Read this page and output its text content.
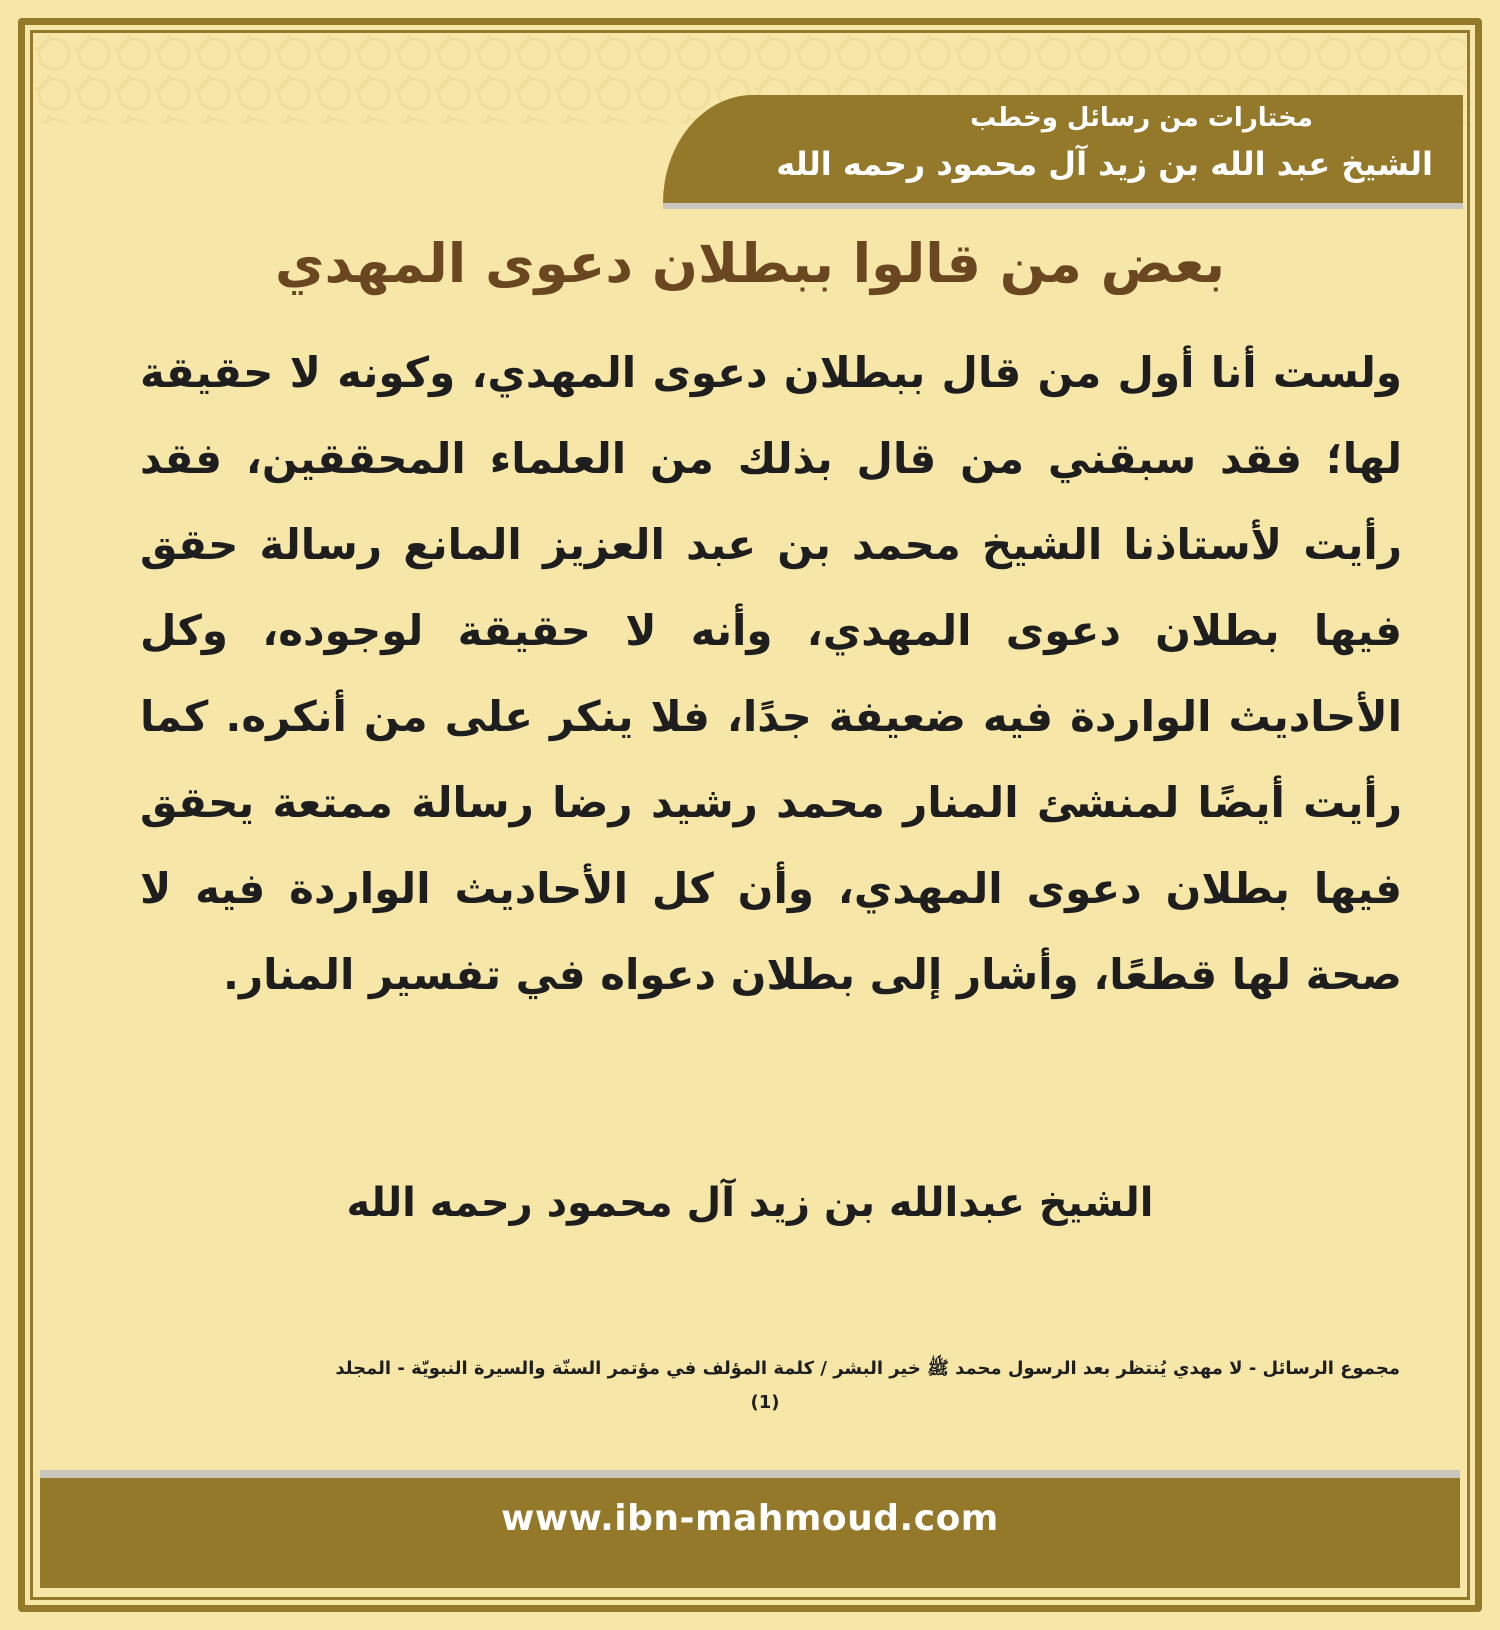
مختارات من رسائل وخطب
الشيخ عبد الله بن زيد آل محمود رحمه الله
بعض من قالوا ببطلان دعوى المهدي
ولست أنا أول من قال ببطلان دعوى المهدي، وكونه لا حقيقة لها؛ فقد سبقني من قال بذلك من العلماء المحققين، فقد رأيت لأستاذنا الشيخ محمد بن عبد العزيز المانع رسالة حقق فيها بطلان دعوى المهدي، وأنه لا حقيقة لوجوده، وكل الأحاديث الواردة فيه ضعيفة جدًا، فلا ينكر على من أنكره. كما رأيت أيضًا لمنشئ المنار محمد رشيد رضا رسالة ممتعة يحقق فيها بطلان دعوى المهدي، وأن كل الأحاديث الواردة فيه لا صحة لها قطعًا، وأشار إلى بطلان دعواه في تفسير المنار.
الشيخ عبدالله بن زيد آل محمود رحمه الله
مجموع الرسائل - لا مهدي يُنتظر بعد الرسول محمد ﷺ خير البشر / كلمة المؤلف في مؤتمر السنّة والسيرة النبويّة - المجلد
(1)
www.ibn-mahmoud.com
